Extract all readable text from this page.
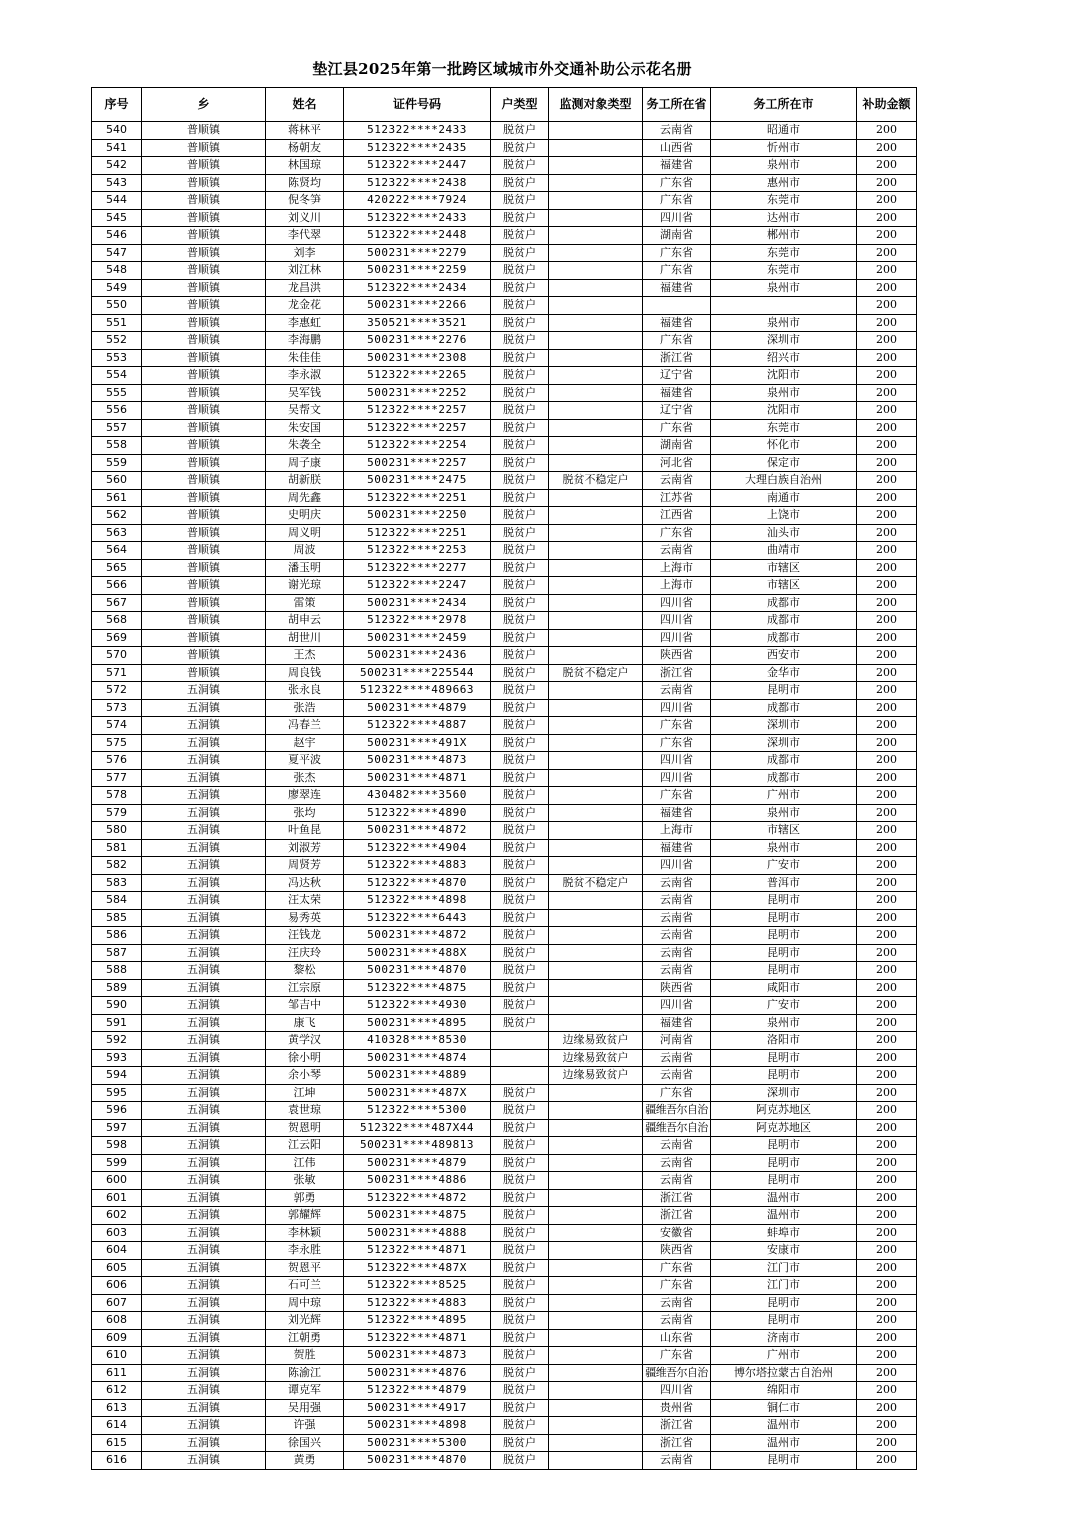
垫江县2025年第一批跨区域城市外交通补助公示花名册
序号	乡	姓名	证件号码	户类型	监测对象类型	务工所在省	务工所在市	补助金额
540	普顺镇	蒋林平	512322****2433	脱贫户		云南省	昭通市	200
541	普顺镇	杨朝友	512322****2435	脱贫户		山西省	忻州市	200
542	普顺镇	林国琼	512322****2447	脱贫户		福建省	泉州市	200
543	普顺镇	陈贤均	512322****2438	脱贫户		广东省	惠州市	200
544	普顺镇	倪冬笋	420222****7924	脱贫户		广东省	东莞市	200
545	普顺镇	刘义川	512322****2433	脱贫户		四川省	达州市	200
546	普顺镇	李代翠	512322****2448	脱贫户		湖南省	郴州市	200
547	普顺镇	刘李	500231****2279	脱贫户		广东省	东莞市	200
548	普顺镇	刘江林	500231****2259	脱贫户		广东省	东莞市	200
549	普顺镇	龙昌洪	512322****2434	脱贫户		福建省	泉州市	200
550	普顺镇	龙金花	500231****2266	脱贫户				200
551	普顺镇	李惠虹	350521****3521	脱贫户		福建省	泉州市	200
552	普顺镇	李海鹏	500231****2276	脱贫户		广东省	深圳市	200
553	普顺镇	朱佳佳	500231****2308	脱贫户		浙江省	绍兴市	200
554	普顺镇	李永淑	512322****2265	脱贫户		辽宁省	沈阳市	200
555	普顺镇	吴军钱	500231****2252	脱贫户		福建省	泉州市	200
556	普顺镇	吴帮文	512322****2257	脱贫户		辽宁省	沈阳市	200
557	普顺镇	朱安国	512322****2257	脱贫户		广东省	东莞市	200
558	普顺镇	朱袭全	512322****2254	脱贫户		湖南省	怀化市	200
559	普顺镇	周子康	500231****2257	脱贫户		河北省	保定市	200
560	普顺镇	胡新朕	500231****2475	脱贫户	脱贫不稳定户	云南省	大理白族自治州	200
561	普顺镇	周先鑫	512322****2251	脱贫户		江苏省	南通市	200
562	普顺镇	史明庆	500231****2250	脱贫户		江西省	上饶市	200
563	普顺镇	周义明	512322****2251	脱贫户		广东省	汕头市	200
564	普顺镇	周波	512322****2253	脱贫户		云南省	曲靖市	200
565	普顺镇	潘玉明	512322****2277	脱贫户		上海市	市辖区	200
566	普顺镇	谢光琼	512322****2247	脱贫户		上海市	市辖区	200
567	普顺镇	雷策	500231****2434	脱贫户		四川省	成都市	200
568	普顺镇	胡申云	512322****2978	脱贫户		四川省	成都市	200
569	普顺镇	胡世川	500231****2459	脱贫户		四川省	成都市	200
570	普顺镇	王杰	500231****2436	脱贫户		陕西省	西安市	200
571	普顺镇	周良钱	500231****225544	脱贫户	脱贫不稳定户	浙江省	金华市	200
572	五洞镇	张永良	512322****489663	脱贫户		云南省	昆明市	200
573	五洞镇	张浩	500231****4879	脱贫户		四川省	成都市	200
574	五洞镇	冯春兰	512322****4887	脱贫户		广东省	深圳市	200
575	五洞镇	赵宇	500231****491X	脱贫户		广东省	深圳市	200
576	五洞镇	夏平波	500231****4873	脱贫户		四川省	成都市	200
577	五洞镇	张杰	500231****4871	脱贫户		四川省	成都市	200
578	五洞镇	廖翠连	430482****3560	脱贫户		广东省	广州市	200
579	五洞镇	张均	512322****4890	脱贫户		福建省	泉州市	200
580	五洞镇	叶鱼昆	500231****4872	脱贫户		上海市	市辖区	200
581	五洞镇	刘淑芳	512322****4904	脱贫户		福建省	泉州市	200
582	五洞镇	周贤芳	512322****4883	脱贫户		四川省	广安市	200
583	五洞镇	冯达秋	512322****4870	脱贫户	脱贫不稳定户	云南省	普洱市	200
584	五洞镇	汪太荣	512322****4898	脱贫户		云南省	昆明市	200
585	五洞镇	易秀英	512322****6443	脱贫户		云南省	昆明市	200
586	五洞镇	汪钱龙	500231****4872	脱贫户		云南省	昆明市	200
587	五洞镇	汪庆玲	500231****488X	脱贫户		云南省	昆明市	200
588	五洞镇	黎松	500231****4870	脱贫户		云南省	昆明市	200
589	五洞镇	江宗原	512322****4875	脱贫户		陕西省	咸阳市	200
590	五洞镇	邹吉中	512322****4930	脱贫户		四川省	广安市	200
591	五洞镇	康飞	500231****4895	脱贫户		福建省	泉州市	200
592	五洞镇	黄学汉	410328****8530		边缘易致贫户	河南省	洛阳市	200
593	五洞镇	徐小明	500231****4874		边缘易致贫户	云南省	昆明市	200
594	五洞镇	余小琴	500231****4889		边缘易致贫户	云南省	昆明市	200
595	五洞镇	江坤	500231****487X	脱贫户		广东省	深圳市	200
596	五洞镇	袁世琼	512322****5300	脱贫户		疆维吾尔自治	阿克苏地区	200
597	五洞镇	贺恩明	512322****487X44	脱贫户		疆维吾尔自治	阿克苏地区	200
598	五洞镇	江云阳	500231****489813	脱贫户		云南省	昆明市	200
599	五洞镇	江伟	500231****4879	脱贫户		云南省	昆明市	200
600	五洞镇	张敏	500231****4886	脱贫户		云南省	昆明市	200
601	五洞镇	郭勇	512322****4872	脱贫户		浙江省	温州市	200
602	五洞镇	郭耀辉	500231****4875	脱贫户		浙江省	温州市	200
603	五洞镇	李林颖	500231****4888	脱贫户		安徽省	蚌埠市	200
604	五洞镇	李永胜	512322****4871	脱贫户		陕西省	安康市	200
605	五洞镇	贺恩平	512322****487X	脱贫户		广东省	江门市	200
606	五洞镇	石可兰	512322****8525	脱贫户		广东省	江门市	200
607	五洞镇	周中琼	512322****4883	脱贫户		云南省	昆明市	200
608	五洞镇	刘光辉	512322****4895	脱贫户		云南省	昆明市	200
609	五洞镇	江朝勇	512322****4871	脱贫户		山东省	济南市	200
610	五洞镇	贺胜	500231****4873	脱贫户		广东省	广州市	200
611	五洞镇	陈渝江	500231****4876	脱贫户		疆维吾尔自治	博尔塔拉蒙古自治州	200
612	五洞镇	谭克军	512322****4879	脱贫户		四川省	绵阳市	200
613	五洞镇	吴用强	500231****4917	脱贫户		贵州省	铜仁市	200
614	五洞镇	许强	500231****4898	脱贫户		浙江省	温州市	200
615	五洞镇	徐国兴	500231****5300	脱贫户		浙江省	温州市	200
616	五洞镇	黄勇	500231****4870	脱贫户		云南省	昆明市	200
